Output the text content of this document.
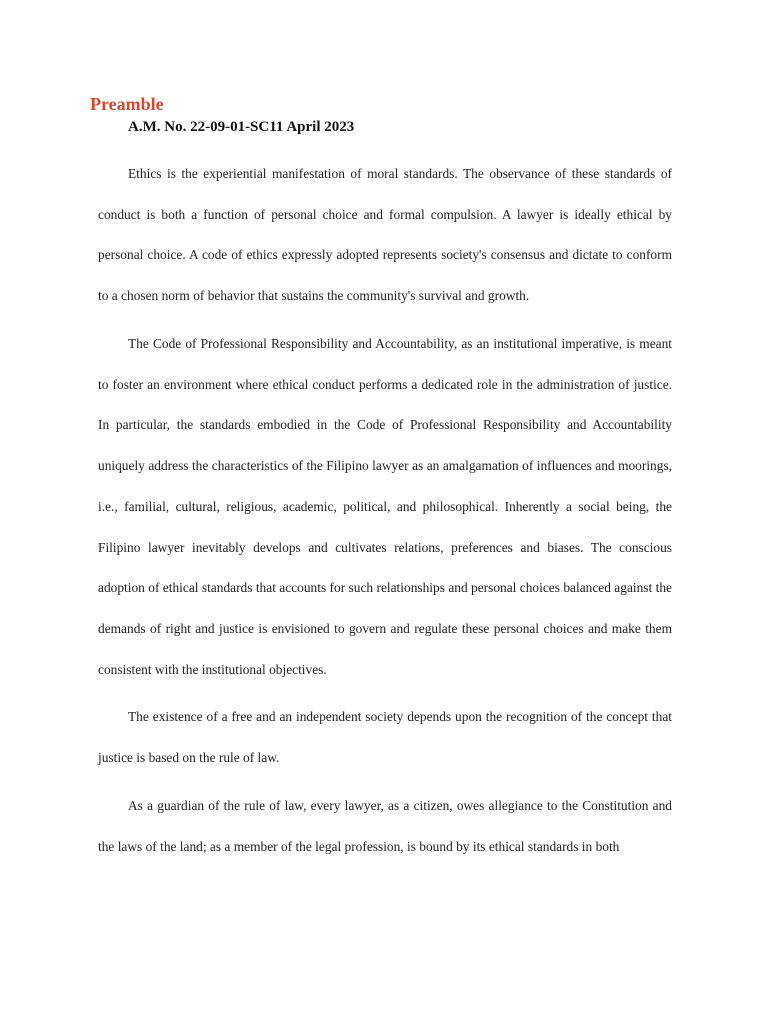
Preamble
A.M. No. 22-09-01-SC11 April 2023

Ethics is the experiential manifestation of moral standards. The observance of these standards of conduct is both a function of personal choice and formal compulsion. A lawyer is ideally ethical by personal choice. A code of ethics expressly adopted represents society's consensus and dictate to conform to a chosen norm of behavior that sustains the community's survival and growth.

The Code of Professional Responsibility and Accountability, as an institutional imperative, is meant to foster an environment where ethical conduct performs a dedicated role in the administration of justice. In particular, the standards embodied in the Code of Professional Responsibility and Accountability uniquely address the characteristics of the Filipino lawyer as an amalgamation of influences and moorings, i.e., familial, cultural, religious, academic, political, and philosophical. Inherently a social being, the Filipino lawyer inevitably develops and cultivates relations, preferences and biases. The conscious adoption of ethical standards that accounts for such relationships and personal choices balanced against the demands of right and justice is envisioned to govern and regulate these personal choices and make them consistent with the institutional objectives.

The existence of a free and an independent society depends upon the recognition of the concept that justice is based on the rule of law.

As a guardian of the rule of law, every lawyer, as a citizen, owes allegiance to the Constitution and the laws of the land; as a member of the legal profession, is bound by its ethical standards in both
